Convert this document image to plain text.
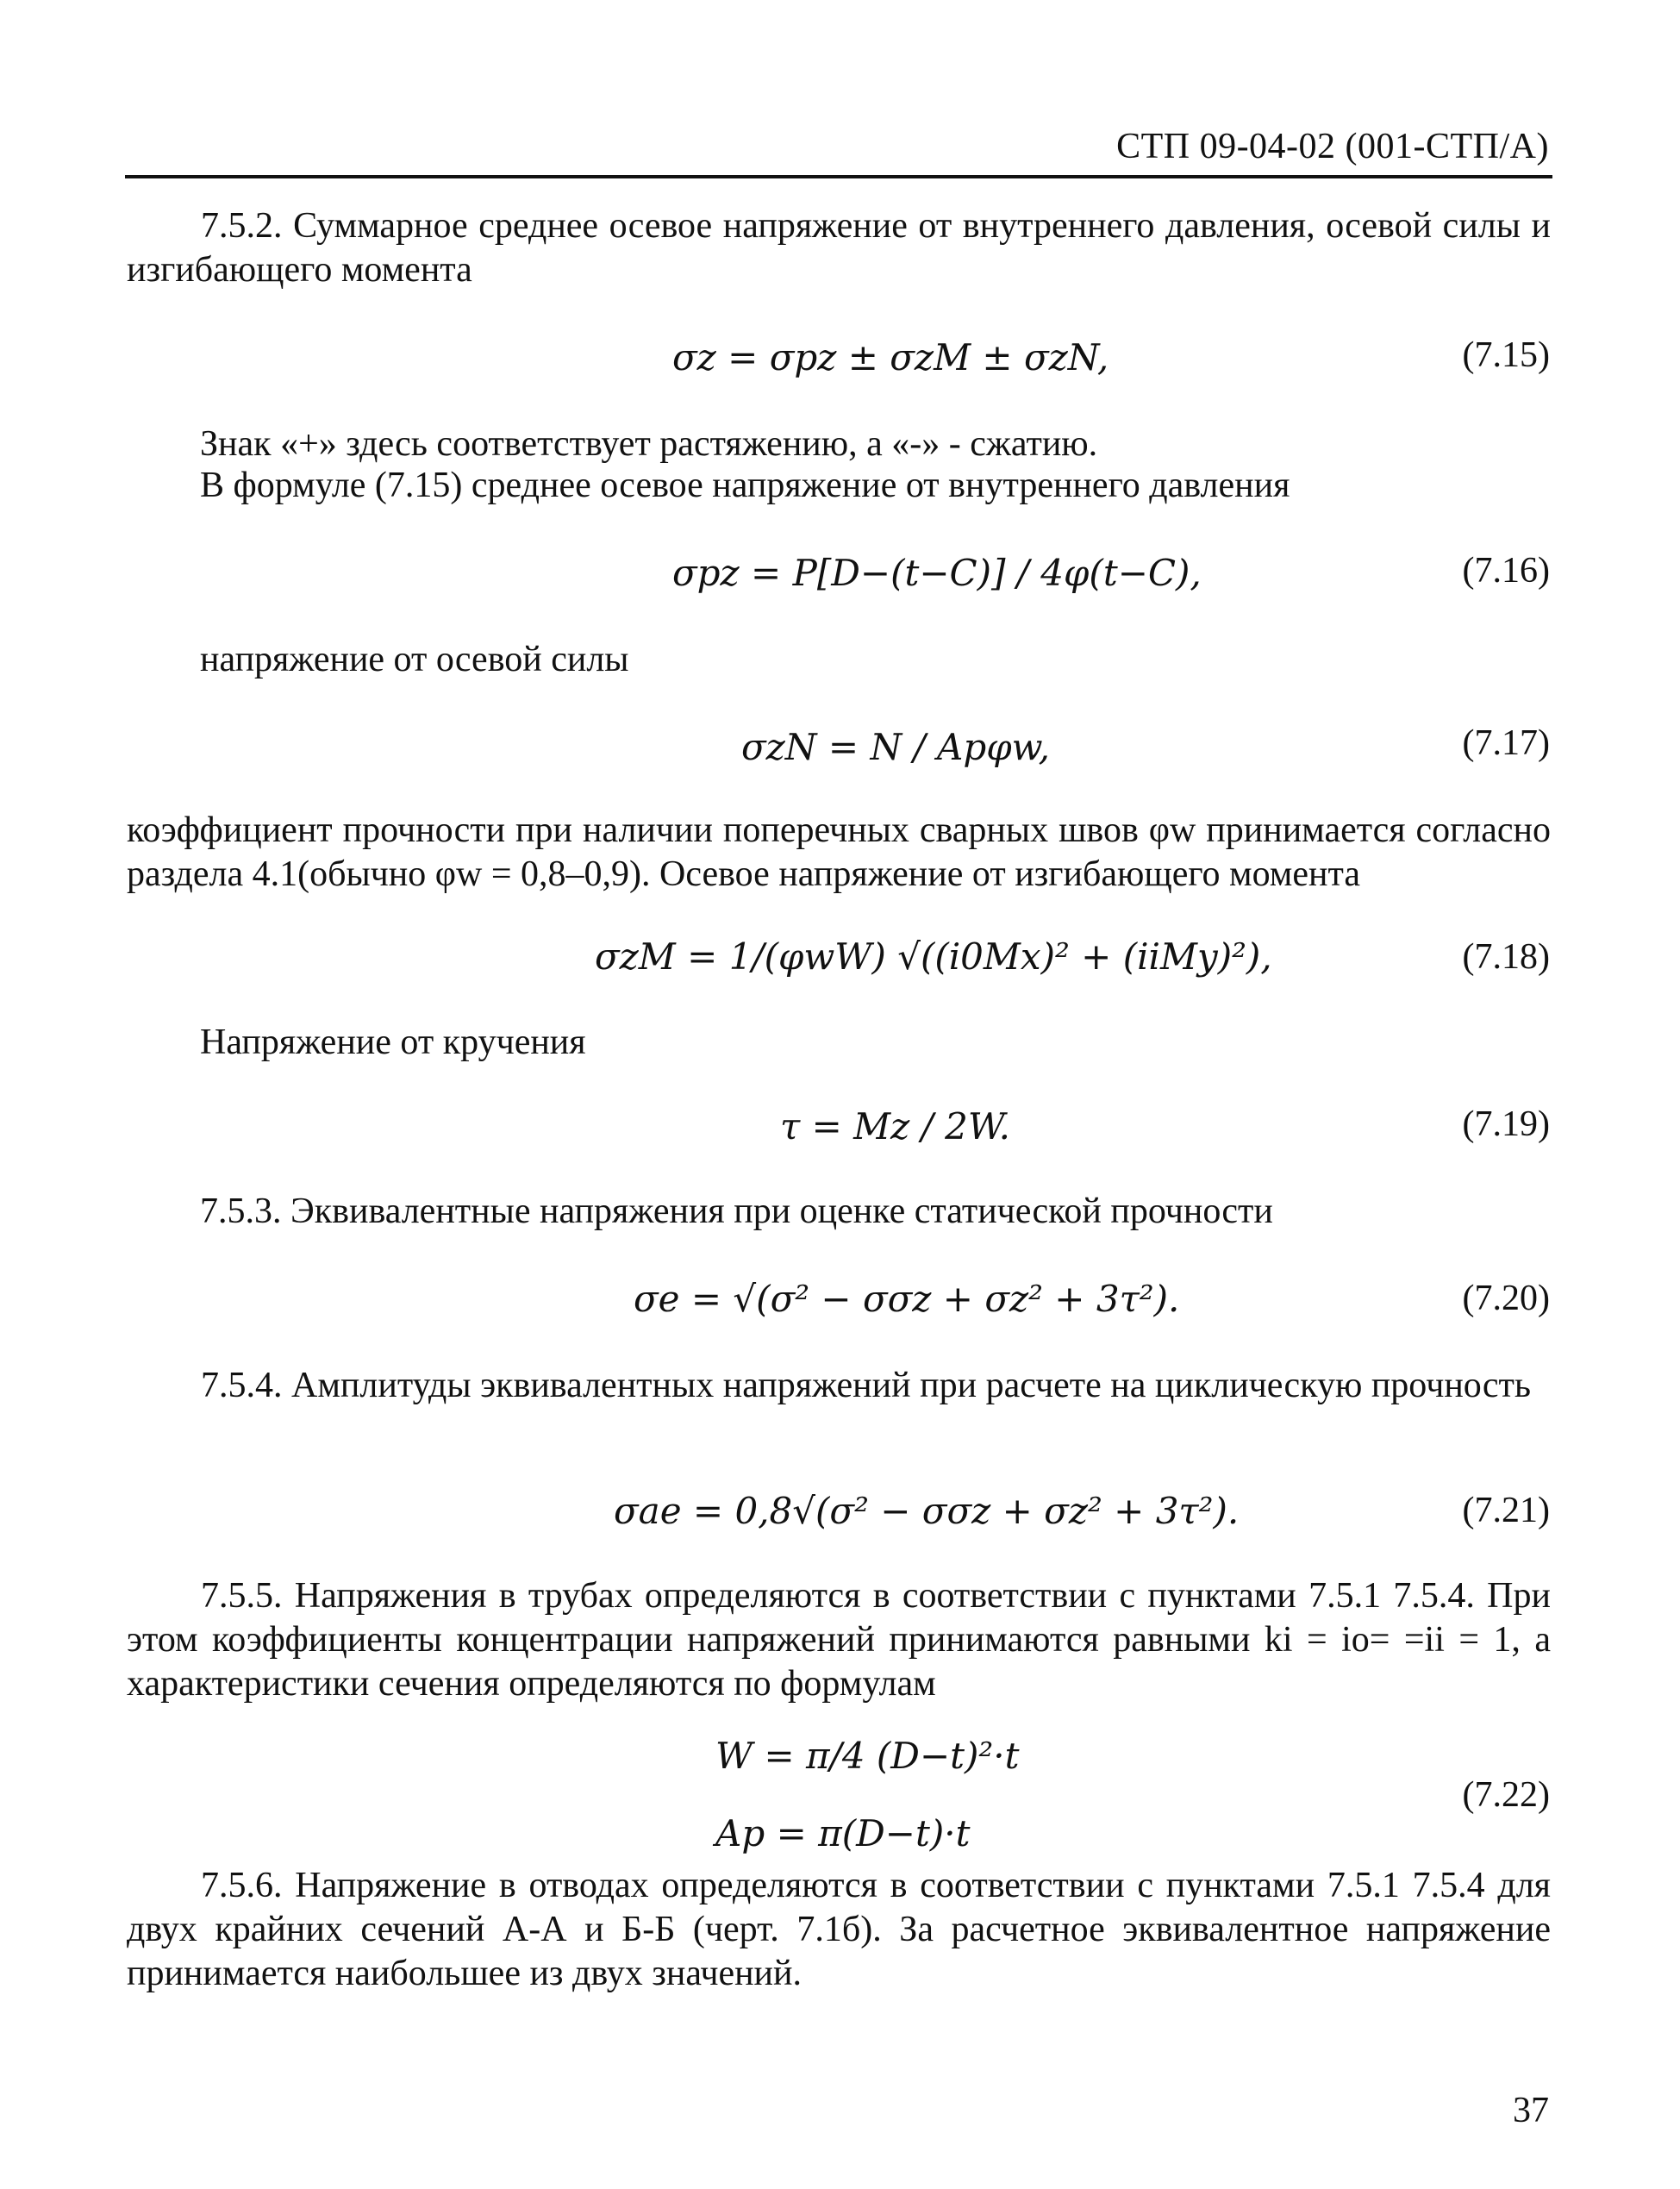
СТП 09-04-02 (001-СТП/А)
7.5.2. Суммарное среднее осевое напряжение от внутреннего давления, осевой силы и изгибающего момента
σz = σpz ± σzM ± σzN,	(7.15)
Знак «+» здесь соответствует растяжению, а «-» - сжатию.
В формуле (7.15) среднее осевое напряжение от внутреннего давления
σpz = P[D−(t−C)] / 4φ(t−C),	(7.16)
напряжение от осевой силы
σzN = N / Apφw,	(7.17)
коэффициент прочности при наличии поперечных сварных швов φw принимается согласно раздела 4.1(обычно φw = 0,8–0,9). Осевое напряжение от изгибающего момента
σzM = 1/(φwW) √((i0Mx)² + (iiMy)²),	(7.18)
Напряжение от кручения
τ = Mz / 2W.	(7.19)
7.5.3. Эквивалентные напряжения при оценке статической прочности
σe = √(σ² − σσz + σz² + 3τ²).	(7.20)
7.5.4. Амплитуды эквивалентных напряжений при расчете на циклическую прочность
σae = 0,8√(σ² − σσz + σz² + 3τ²).	(7.21)
7.5.5. Напряжения в трубах определяются в соответствии с пунктами 7.5.1 7.5.4. При этом коэффициенты концентрации напряжений принимаются равными ki = io= =ii = 1, а характеристики сечения определяются по формулам
W = π/4 (D−t)²·t
Ap = π(D−t)·t
(7.22)
7.5.6. Напряжение в отводах определяются в соответствии с пунктами 7.5.1 7.5.4 для двух крайних сечений А-А и Б-Б (черт. 7.1б). За расчетное эквивалентное напряжение принимается наибольшее из двух значений.
37
